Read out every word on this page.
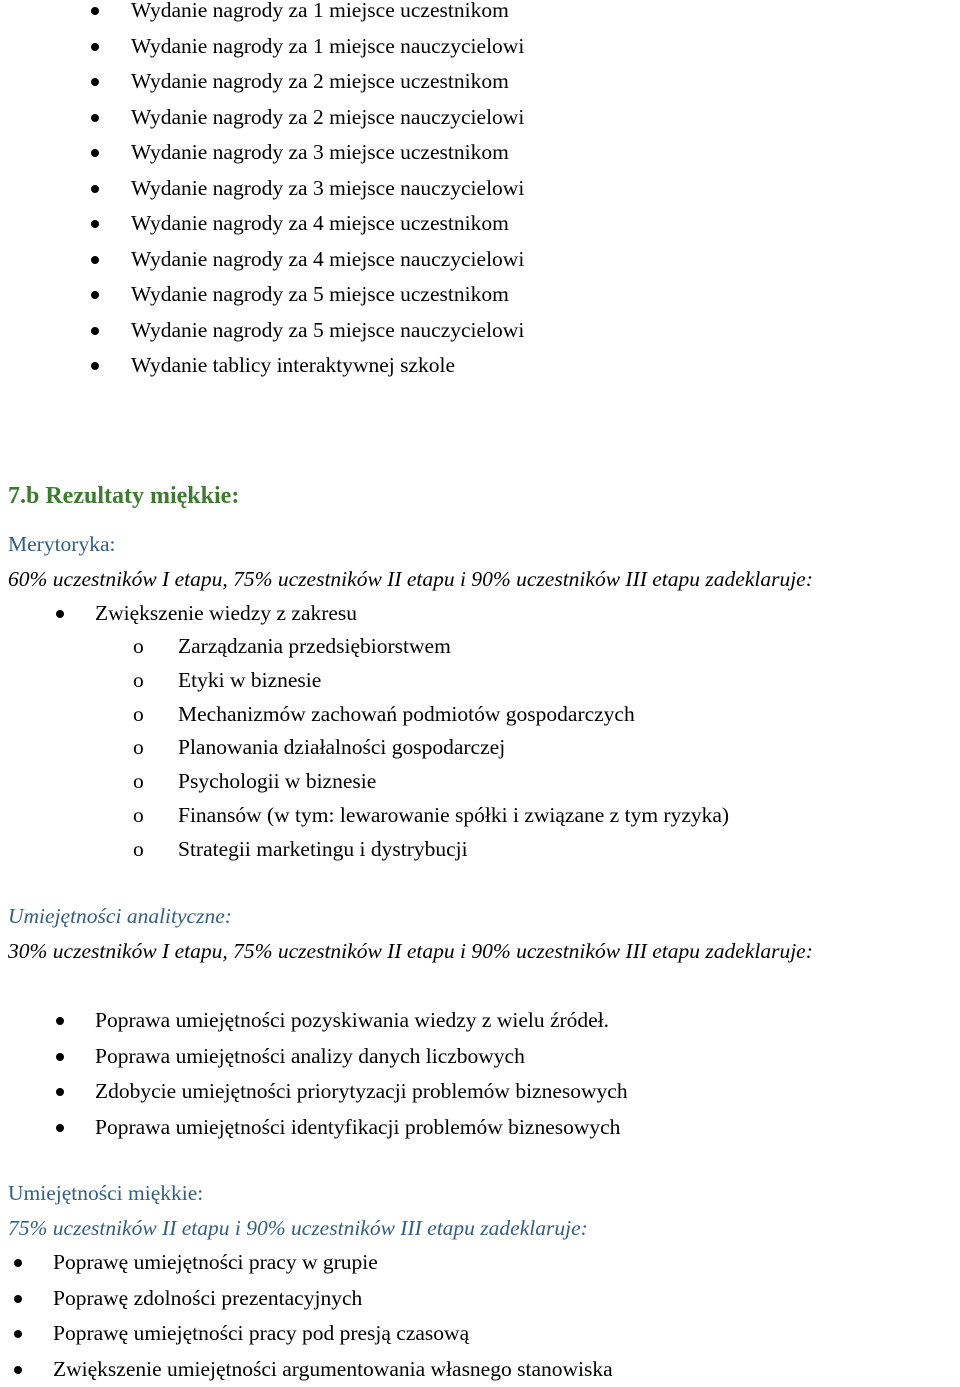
Wydanie nagrody za 1 miejsce uczestnikom
Wydanie nagrody za 1 miejsce nauczycielowi
Wydanie nagrody za 2 miejsce uczestnikom
Wydanie nagrody za 2 miejsce nauczycielowi
Wydanie nagrody za 3 miejsce uczestnikom
Wydanie nagrody za 3 miejsce nauczycielowi
Wydanie nagrody za 4 miejsce uczestnikom
Wydanie nagrody za 4 miejsce nauczycielowi
Wydanie nagrody za 5 miejsce uczestnikom
Wydanie nagrody za 5 miejsce nauczycielowi
Wydanie tablicy interaktywnej szkole
7.b Rezultaty miękkie:
Merytoryka:
60% uczestników I etapu, 75% uczestników II etapu i 90% uczestników III etapu zadeklaruje:
Zwiększenie wiedzy z zakresu
o Zarządzania przedsiębiorstwem
o Etyki w biznesie
o Mechanizmów zachowań podmiotów gospodarczych
o Planowania działalności gospodarczej
o Psychologii w biznesie
o Finansów (w tym: lewarowanie spółki i związane z tym ryzyka)
o Strategii marketingu i dystrybucji
Umiejętności analityczne:
30% uczestników I etapu, 75% uczestników II etapu i 90% uczestników III etapu zadeklaruje:
Poprawa umiejętności pozyskiwania wiedzy z wielu źródeł.
Poprawa umiejętności analizy danych liczbowych
Zdobycie umiejętności priorytyzacji problemów biznesowych
Poprawa umiejętności identyfikacji problemów biznesowych
Umiejętności miękkie:
75% uczestników II etapu i 90% uczestników III etapu zadeklaruje:
Poprawę umiejętności pracy w grupie
Poprawę zdolności prezentacyjnych
Poprawę umiejętności pracy pod presją czasową
Zwiększenie umiejętności argumentowania własnego stanowiska
